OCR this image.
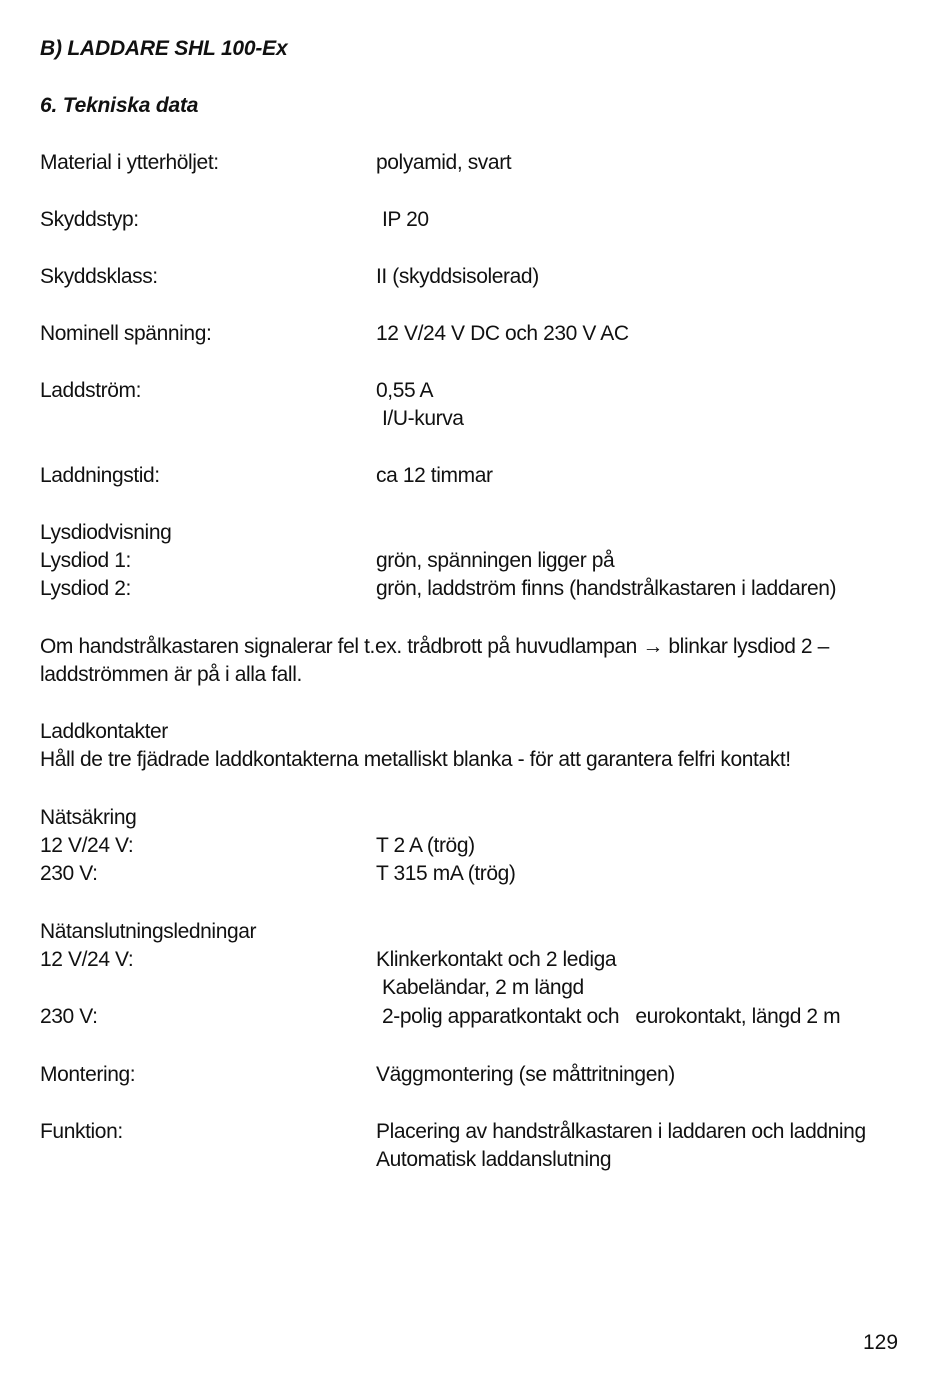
B) LADDARE SHL 100-Ex
6. Tekniska data
Material i ytterhöljet:	polyamid, svart
Skyddstyp:	IP 20
Skyddsklass:	II (skyddsisolerad)
Nominell spänning:	12 V/24 V DC och 230 V AC
Laddström:	0,55 A
I/U-kurva
Laddningstid:	ca 12 timmar
Lysdiodvisning
Lysdiod 1:	grön, spänningen ligger på
Lysdiod 2:	grön, laddström finns (handstrålkastaren i laddaren)
Om handstrålkastaren signalerar fel t.ex. trådbrott på huvudlampan → blinkar lysdiod 2 –
laddströmmen är på i alla fall.
Laddkontakter
Håll de tre fjädrade laddkontakterna metalliskt blanka - för att garantera felfri kontakt!
Nätsäkring
12 V/24 V:	T 2 A (trög)
230 V:	T 315 mA (trög)
Nätanslutningsledningar
12 V/24 V:	Klinkerkontakt och 2 lediga
Kabeländar, 2 m längd
230 V:	2-polig apparatkontakt och   eurokontakt, längd 2 m
Montering:	Väggmontering (se måttritningen)
Funktion:	Placering av handstrålkastaren i laddaren och laddning
Automatisk laddanslutning
129
